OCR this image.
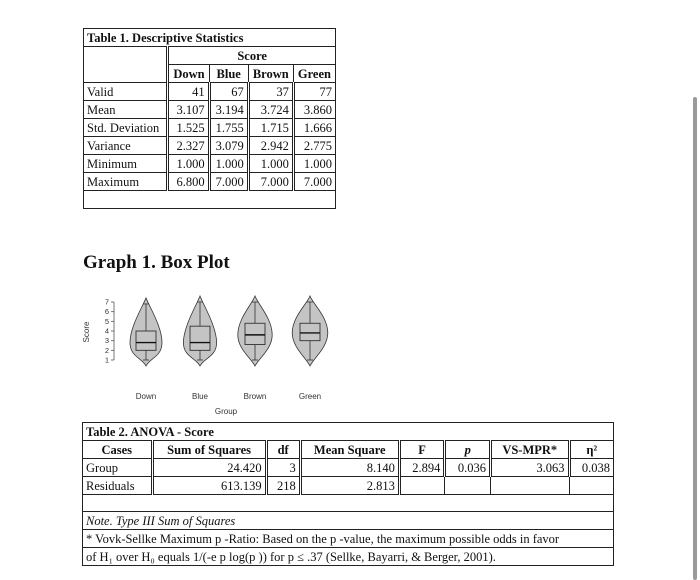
Table 1. Descriptive Statistics				
	Score			
	Down	Blue	Brown	Green
Valid	41	67	37	77
Mean	3.107	3.194	3.724	3.860
Std. Deviation	1.525	1.755	1.715	1.666
Variance	2.327	3.079	2.942	2.775
Minimum	1.000	1.000	1.000	1.000
Maximum	6.800	7.000	7.000	7.000

Graph 1. Box Plot
Score
1
2
3
4
5
6
7
Down	Blue	Brown	Green
Group
Table 2. ANOVA - Score							
Cases	Sum of Squares	df	Mean Square	F	p	VS-MPR*	η²
Group	24.420	3	8.140	2.894	0.036	3.063	0.038
Residuals	613.139	218	2.813				

Note. Type III Sum of Squares							
* Vovk-Sellke Maximum p -Ratio: Based on the p -value, the maximum possible odds in favor							
of H₁ over H₀ equals 1/(-e p log(p )) for p ≤ .37 (Sellke, Bayarri, & Berger, 2001).							
